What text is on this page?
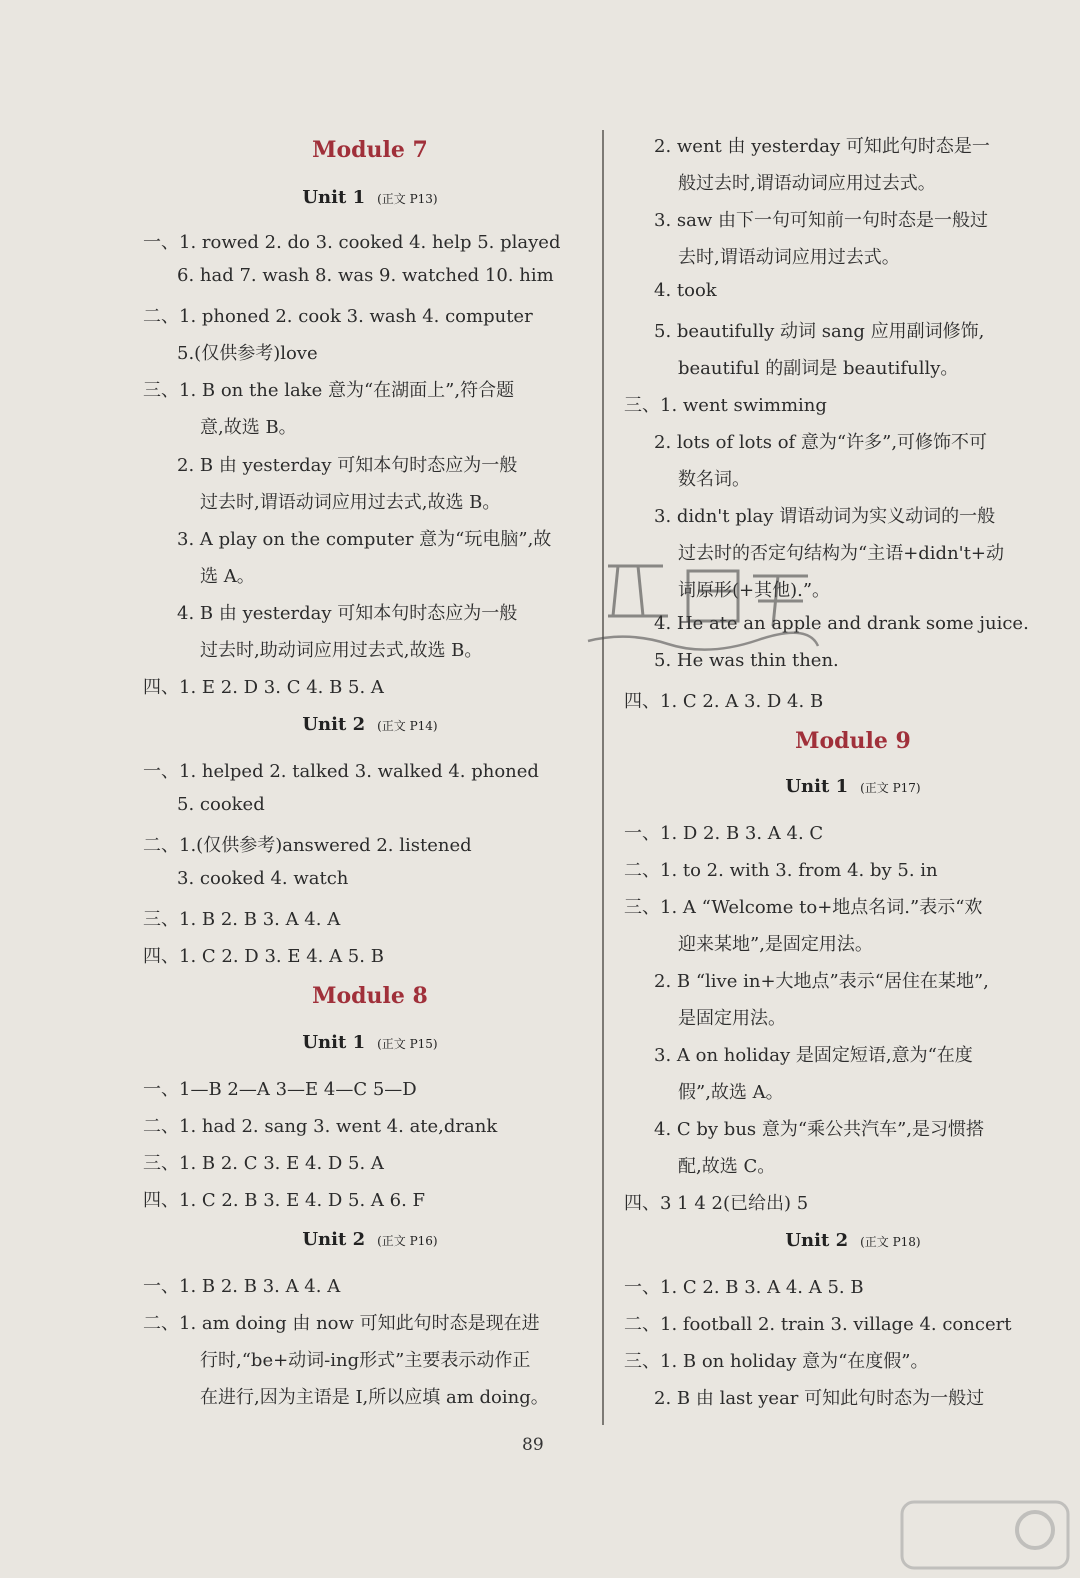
Module 7
Unit 1 (正文 P13)
一、1. rowed 2. do 3. cooked 4. help 5. played
6. had 7. wash 8. was 9. watched 10. him
二、1. phoned 2. cook 3. wash 4. computer
5.(仅供参考)love
三、1. B on the lake 意为“在湖面上”,符合题
意,故选 B。
2. B 由 yesterday 可知本句时态应为一般
过去时,谓语动词应用过去式,故选 B。
3. A play on the computer 意为“玩电脑”,故
选 A。
4. B 由 yesterday 可知本句时态应为一般
过去时,助动词应用过去式,故选 B。
四、1. E 2. D 3. C 4. B 5. A
Unit 2 (正文 P14)
一、1. helped 2. talked 3. walked 4. phoned
5. cooked
二、1.(仅供参考)answered 2. listened
3. cooked 4. watch
三、1. B 2. B 3. A 4. A
四、1. C 2. D 3. E 4. A 5. B
Module 8
Unit 1 (正文 P15)
一、1—B 2—A 3—E 4—C 5—D
二、1. had 2. sang 3. went 4. ate,drank
三、1. B 2. C 3. E 4. D 5. A
四、1. C 2. B 3. E 4. D 5. A 6. F
Unit 2 (正文 P16)
一、1. B 2. B 3. A 4. A
二、1. am doing 由 now 可知此句时态是现在进
行时,“be+动词-ing形式”主要表示动作正
在进行,因为主语是 I,所以应填 am doing。
2. went 由 yesterday 可知此句时态是一
般过去时,谓语动词应用过去式。
3. saw 由下一句可知前一句时态是一般过
去时,谓语动词应用过去式。
4. took
5. beautifully 动词 sang 应用副词修饰,
beautiful 的副词是 beautifully。
三、1. went swimming
2. lots of lots of 意为“许多”,可修饰不可
数名词。
3. didn't play 谓语动词为实义动词的一般
过去时的否定句结构为“主语+didn't+动
词原形(+其他).”。
4. He ate an apple and drank some juice.
5. He was thin then.
四、1. C 2. A 3. D 4. B
Module 9
Unit 1 (正文 P17)
一、1. D 2. B 3. A 4. C
二、1. to 2. with 3. from 4. by 5. in
三、1. A “Welcome to+地点名词.”表示“欢
迎来某地”,是固定用法。
2. B “live in+大地点”表示“居住在某地”,
是固定用法。
3. A on holiday 是固定短语,意为“在度
假”,故选 A。
4. C by bus 意为“乘公共汽车”,是习惯搭
配,故选 C。
四、3 1 4 2(已给出) 5
Unit 2 (正文 P18)
一、1. C 2. B 3. A 4. A 5. B
二、1. football 2. train 3. village 4. concert
三、1. B on holiday 意为“在度假”。
2. B 由 last year 可知此句时态为一般过
89
